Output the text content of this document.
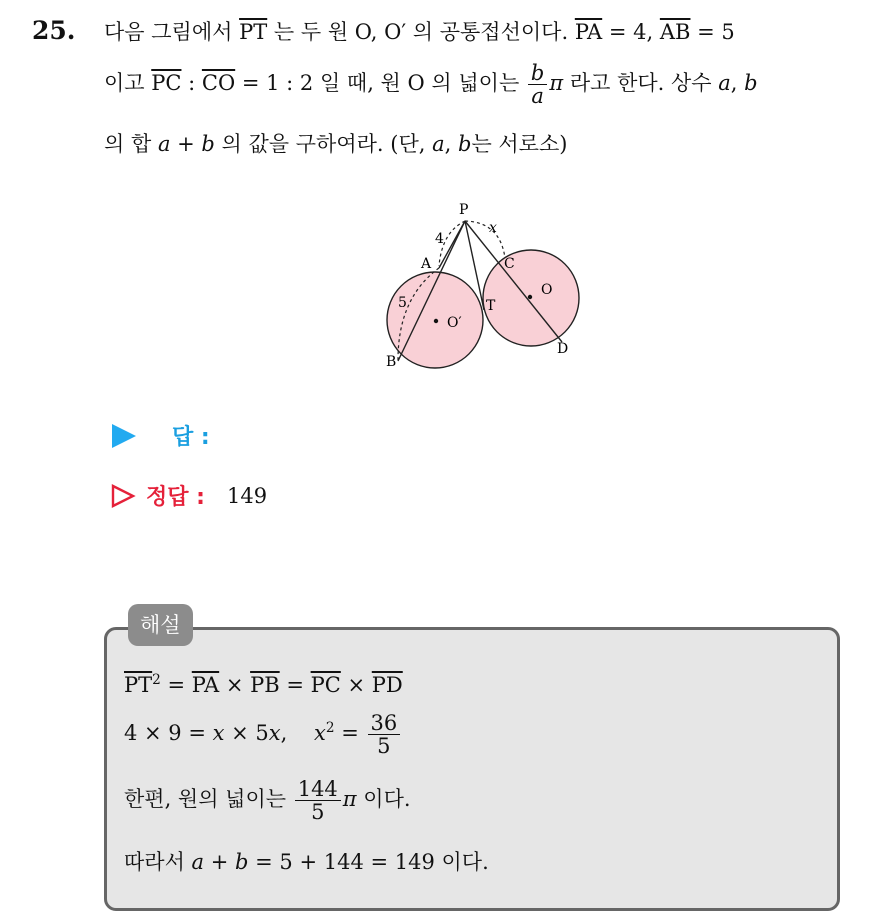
25. 다음 그림에서 $\overline{PT}$ 는 두 원 O, O′ 의 공통접선이다. $\overline{PA} = 4$, $\overline{AB} = 5$
이고 $\overline{PC}$ : $\overline{CO} = 1$ : 2 일 때, 원 O 의 넓이는 $\frac{b}{a}$ π 라고 한다. 상수 a, b
의 합 a + b 의 값을 구하여라. (단, a, b는 서로소)
P
4
x
A	C
5	T
O
O′
B
D
답 :
정답 : 149
해설
$\overline{PT}^2 = \overline{PA} \times \overline{PB} = \overline{PC} \times \overline{PD}$
4 × 9 = x × 5x,    $x^2 = \frac{36}{5}$
한편, 원의 넓이는 $\frac{144}{5}$ π 이다.
따라서 a + b = 5 + 144 = 149 이다.
